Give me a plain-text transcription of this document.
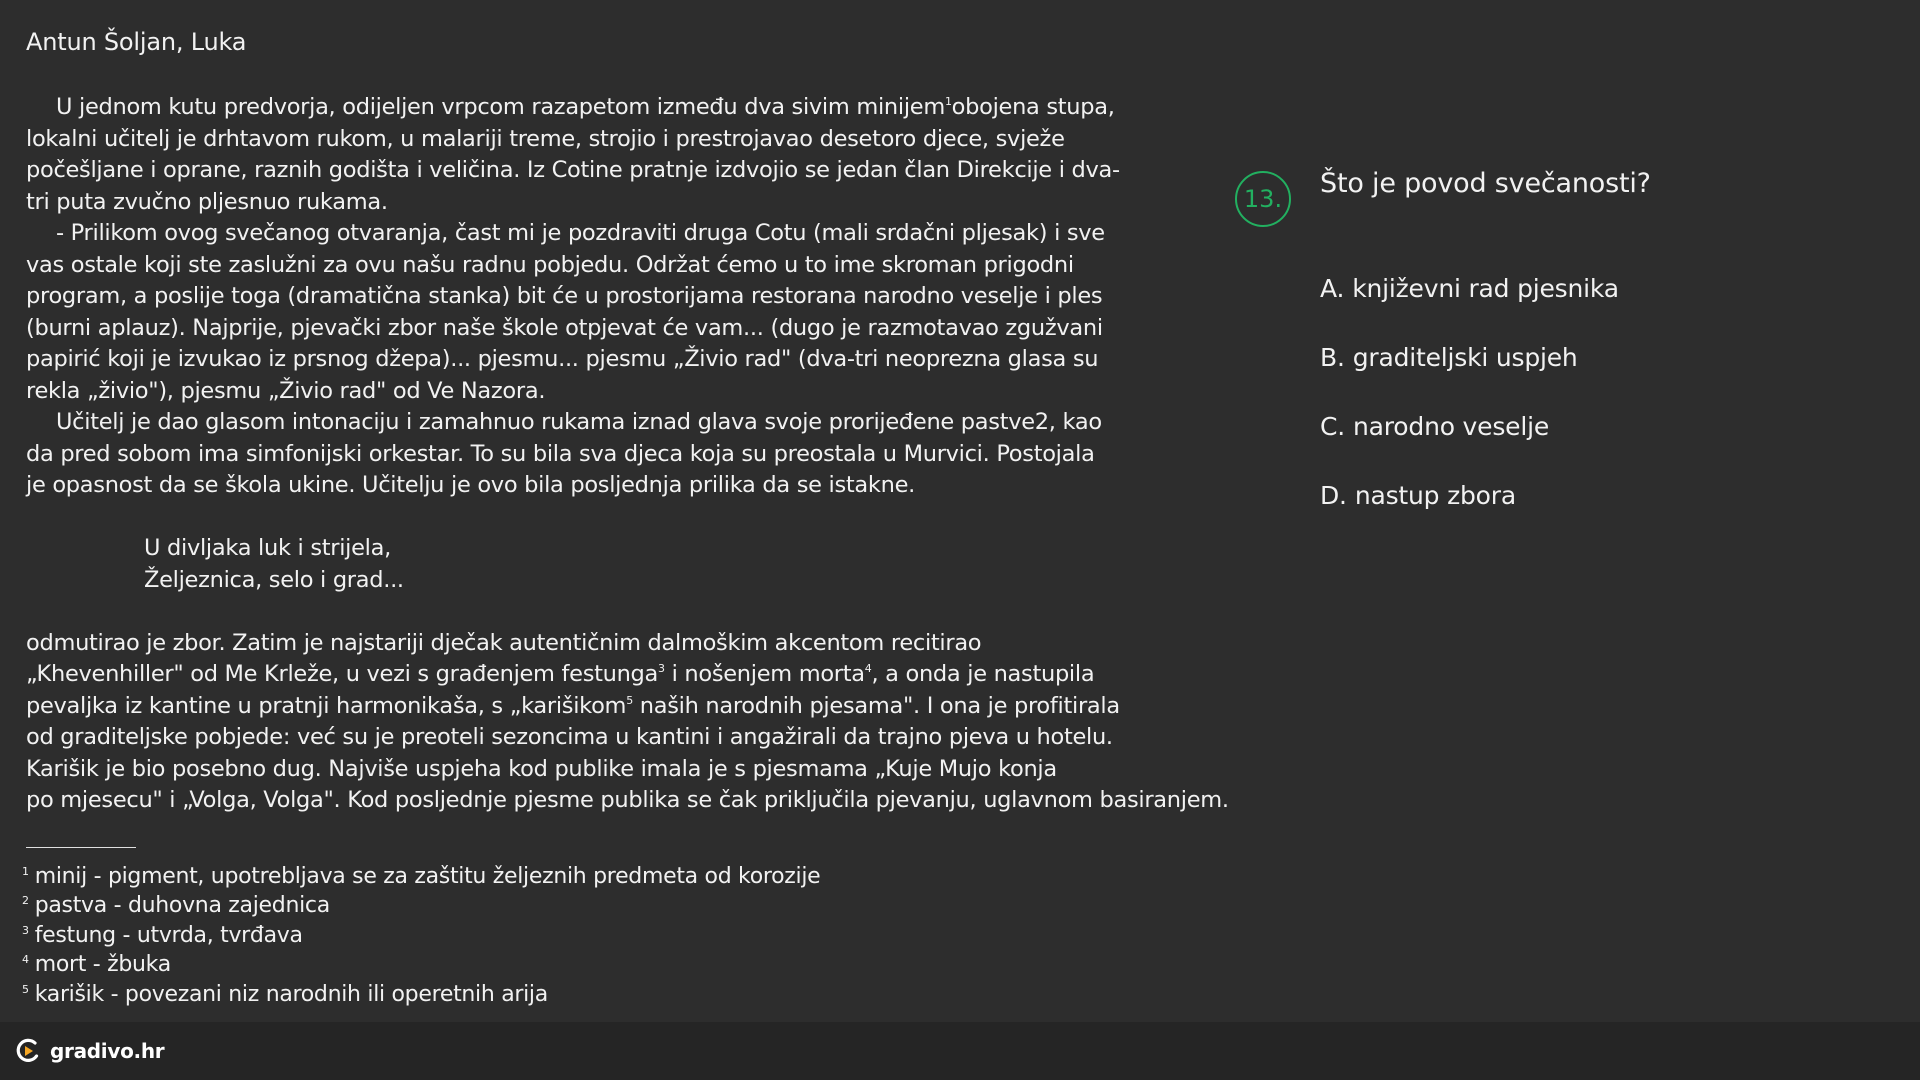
Antun Šoljan, Luka

U jednom kutu predvorja, odijeljen vrpcom razapetom između dva sivim minijem$^1$obojena stupa,

lokalni učitelj je drhtavom rukom, u malariji treme, strojio i prestrojavao desetoro djece, svježe

počešljane i oprane, raznih godišta i veličina. Iz Cotine pratnje izdvojio se jedan član Direkcije i dva-

tri puta zvučno pljesnuo rukama.

- Prilikom ovog svečanog otvaranja, čast mi je pozdraviti druga Cotu (mali srdačni pljesak) i sve

vas ostale koji ste zaslužni za ovu našu radnu pobjedu. Održat ćemo u to ime skroman prigodni

program, a poslije toga (dramatična stanka) bit će u prostorijama restorana narodno veselje i ples

(burni aplauz). Najprije, pjevački zbor naše škole otpjevat će vam... (dugo je razmotavao zgužvani

papirić koji je izvukao iz prsnog džepa)... pjesmu... pjesmu „Živio rad" (dva-tri neoprezna glasa su

rekla „živio"), pjesmu „Živio rad" od Ve Nazora.

Učitelj je dao glasom intonaciju i zamahnuo rukama iznad glava svoje prorijeđene pastve2, kao

da pred sobom ima simfonijski orkestar. To su bila sva djeca koja su preostala u Murvici. Postojala

je opasnost da se škola ukine. Učitelju je ovo bila posljednja prilika da se istakne.

U divljaka luk i strijela,

Željeznica, selo i grad...

odmutirao je zbor. Zatim je najstariji dječak autentičnim dalmoškim akcentom recitirao

„Khevenhiller" od Me Krleže, u vezi s građenjem festunga$^3$ i nošenjem morta$^4$, a onda je nastupila

pevaljka iz kantine u pratnji harmonikaša, s „karišikom$^5$ naših narodnih pjesama". I ona je profitirala

od graditeljske pobjede: već su je preoteli sezoncima u kantini i angažirali da trajno pjeva u hotelu.

Karišik je bio posebno dug. Najviše uspjeha kod publike imala je s pjesmama „Kuje Mujo konja

po mjesecu" i „Volga, Volga". Kod posljednje pjesme publika se čak priključila pjevanju, uglavnom basiranjem.

$^1$ minij - pigment, upotrebljava se za zaštitu željeznih predmeta od korozije
$^2$ pastva - duhovna zajednica
$^3$ festung - utvrda, tvrđava
$^4$ mort - žbuka
$^5$ karišik - povezani niz narodnih ili operetnih arija
13.	Što je povod svečanosti?
A. književni rad pjesnika
B. graditeljski uspjeh
C. narodno veselje
D. nastup zbora
gradivo.hr
